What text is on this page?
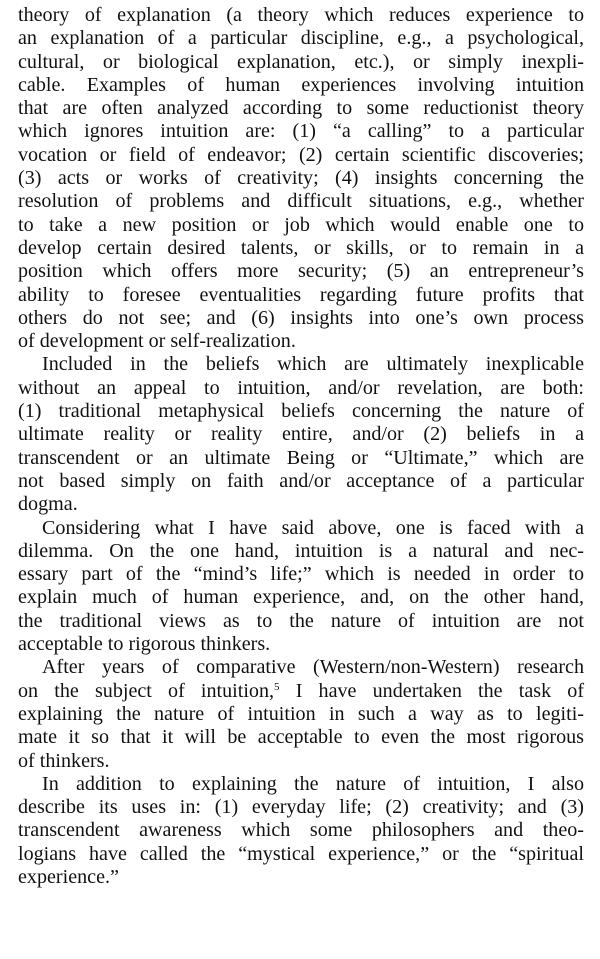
theory of explanation (a theory which reduces experience to
an explanation of a particular discipline, e.g., a psychological,
cultural, or biological explanation, etc.), or simply inexpli-
cable. Examples of human experiences involving intuition
that are often analyzed according to some reductionist theory
which ignores intuition are: (1) “a calling” to a particular
vocation or field of endeavor; (2) certain scientific discoveries;
(3) acts or works of creativity; (4) insights concerning the
resolution of problems and difficult situations, e.g., whether
to take a new position or job which would enable one to
develop certain desired talents, or skills, or to remain in a
position which offers more security; (5) an entrepreneur’s
ability to foresee eventualities regarding future profits that
others do not see; and (6) insights into one’s own process
of development or self-realization.

Included in the beliefs which are ultimately inexplicable
without an appeal to intuition, and/or revelation, are both:
(1) traditional metaphysical beliefs concerning the nature of
ultimate reality or reality entire, and/or (2) beliefs in a
transcendent or an ultimate Being or “Ultimate,” which are
not based simply on faith and/or acceptance of a particular
dogma.

Considering what I have said above, one is faced with a
dilemma. On the one hand, intuition is a natural and nec-
essary part of the “mind’s life;” which is needed in order to
explain much of human experience, and, on the other hand,
the traditional views as to the nature of intuition are not
acceptable to rigorous thinkers.

After years of comparative (Western/non-Western) research
on the subject of intuition,$^5$ I have undertaken the task of
explaining the nature of intuition in such a way as to legiti-
mate it so that it will be acceptable to even the most rigorous
of thinkers.

In addition to explaining the nature of intuition, I also
describe its uses in: (1) everyday life; (2) creativity; and (3)
transcendent awareness which some philosophers and theo-
logians have called the “mystical experience,” or the “spiritual
experience.”
